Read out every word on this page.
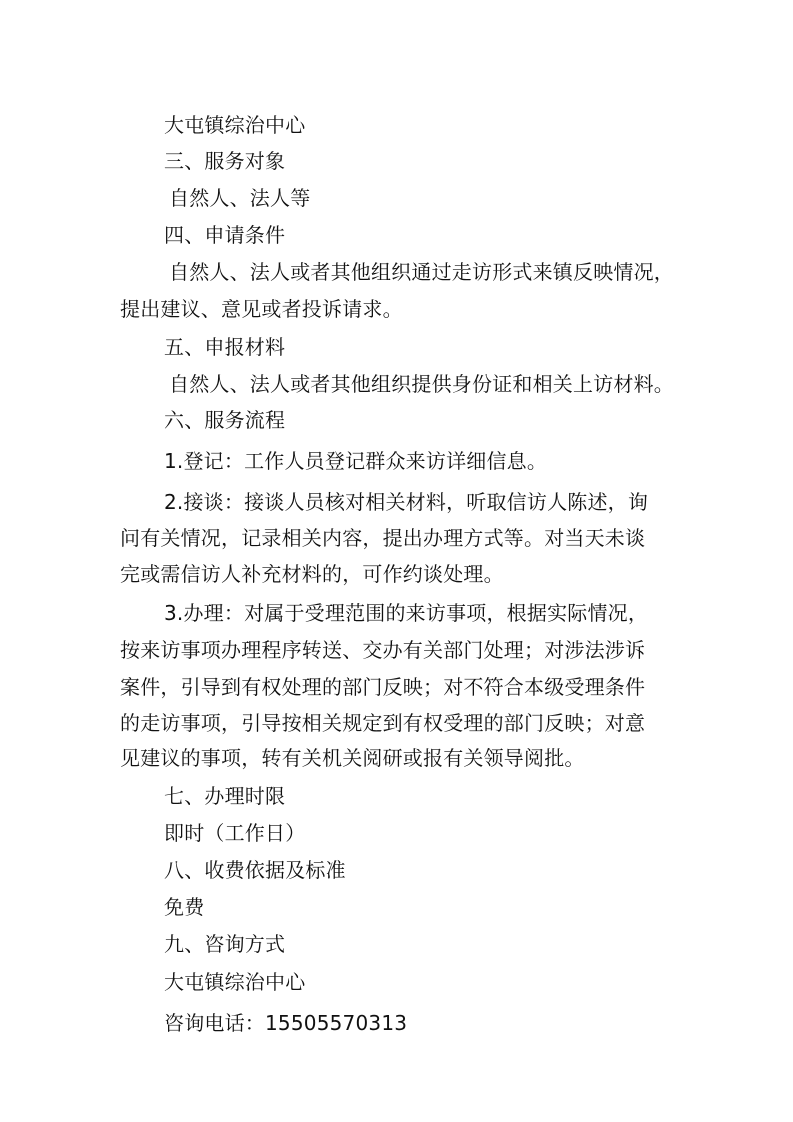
大屯镇综治中心
三、服务对象
自然人、法人等
四、申请条件
自然人、法人或者其他组织通过走访形式来镇反映情况，
提出建议、意见或者投诉请求。
五、申报材料
自然人、法人或者其他组织提供身份证和相关上访材料。
六、服务流程
1.登记：工作人员登记群众来访详细信息。
2.接谈：接谈人员核对相关材料，听取信访人陈述，询
问有关情况，记录相关内容，提出办理方式等。对当天未谈
完或需信访人补充材料的，可作约谈处理。
3.办理：对属于受理范围的来访事项，根据实际情况，
按来访事项办理程序转送、交办有关部门处理；对涉法涉诉
案件，引导到有权处理的部门反映；对不符合本级受理条件
的走访事项，引导按相关规定到有权受理的部门反映；对意
见建议的事项，转有关机关阅研或报有关领导阅批。
七、办理时限
即时（工作日）
八、收费依据及标准
免费
九、咨询方式
大屯镇综治中心
咨询电话：15505570313
